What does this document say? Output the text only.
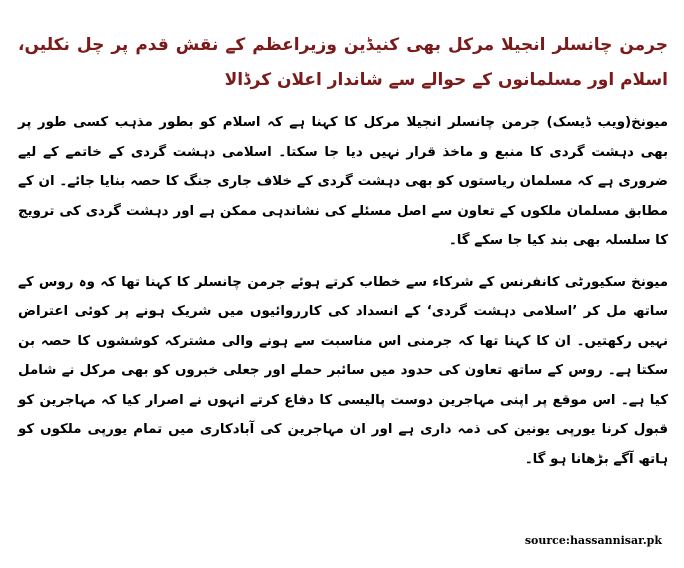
جرمن چانسلر انجیلا مرکل بھی کنیڈین وزیراعظم کے نقش قدم پر چل نکلیں، اسلام اور مسلمانوں کے حوالے سے شاندار اعلان کرڈالا

میونخ(ویب ڈیسک) جرمن چانسلر انجیلا مرکل کا کہنا ہے کہ اسلام کو بطور مذہب کسی طور پر بھی دہشت گردی کا منبع و ماخذ قرار نہیں دیا جا سکتا۔ اسلامی دہشت گردی کے خاتمے کے لیے ضروری ہے کہ مسلمان ریاستوں کو بھی دہشت گردی کے خلاف جاری جنگ کا حصہ بنایا جائے۔ ان کے مطابق مسلمان ملکوں کے تعاون سے اصل مسئلے کی نشاندہی ممکن ہے اور دہشت گردی کی ترویج کا سلسلہ بھی بند کیا جا سکے گا۔

میونخ سکیورٹی کانفرنس کے شرکاء سے خطاب کرتے ہوئے جرمن چانسلر کا کہنا تھا کہ وہ روس کے ساتھ مل کر ’اسلامی دہشت گردی‘ کے انسداد کی کارروائیوں میں شریک ہونے پر کوئی اعتراض نہیں رکھتیں۔ ان کا کہنا تھا کہ جرمنی اس مناسبت سے ہونے والی مشترکہ کوششوں کا حصہ بن سکتا ہے۔ روس کے ساتھ تعاون کی حدود میں سائبر حملے اور جعلی خبروں کو بھی مرکل نے شامل کیا ہے۔ اس موقع پر اپنی مہاجرین دوست پالیسی کا دفاع کرتے انہوں نے اصرار کیا کہ مہاجرین کو قبول کرنا یورپی یونین کی ذمہ داری ہے اور ان مہاجرین کی آبادکاری میں تمام یورپی ملکوں کو ہاتھ آگے بڑھانا ہو گا۔

source:hassannisar.pk
